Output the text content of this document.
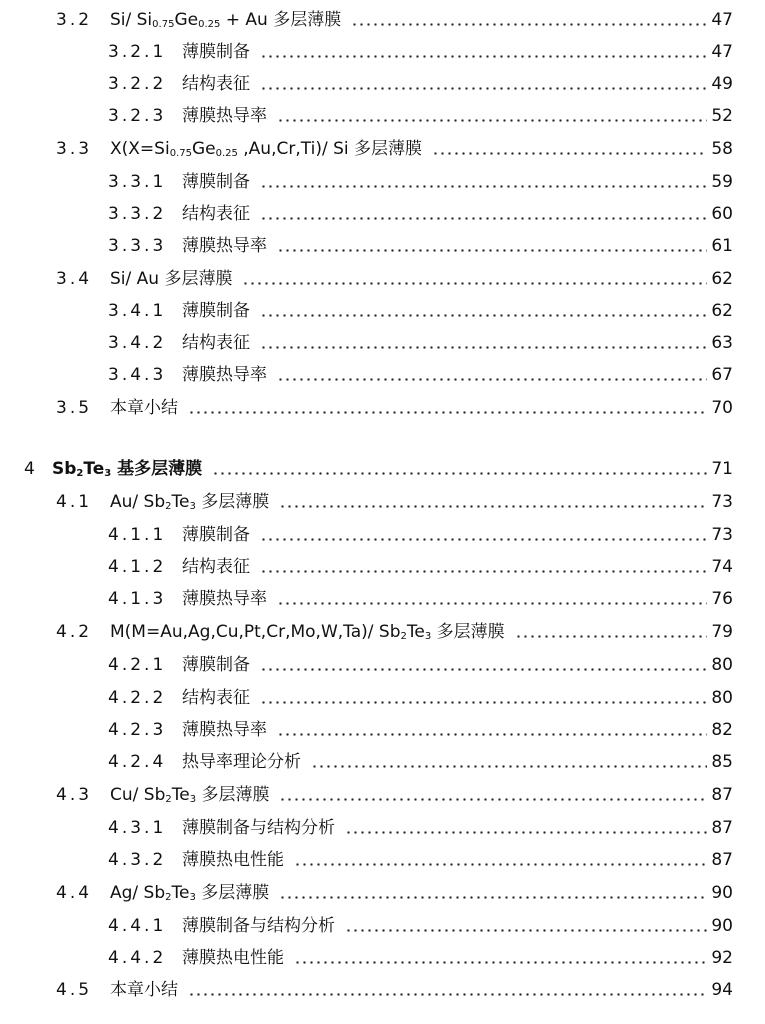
3.2 Si/ $Si_{0.75}Ge_{0.25} + Au$ 多层薄膜	47
3.2.1 薄膜制备	47
3.2.2 结构表征	49
3.2.3 薄膜热导率	52
3.3 $X(X=Si_{0.75}Ge_{0.25}$ ,Au,Cr,Ti)/ Si 多层薄膜	58
3.3.1 薄膜制备	59
3.3.2 结构表征	60
3.3.3 薄膜热导率	61
3.4 Si/ Au 多层薄膜	62
3.4.1 薄膜制备	62
3.4.2 结构表征	63
3.4.3 薄膜热导率	67
3.5 本章小结	70
4 $Sb_2Te_3$ 基多层薄膜	71
4.1 Au/ $Sb_2Te_3$ 多层薄膜	73
4.1.1 薄膜制备	73
4.1.2 结构表征	74
4.1.3 薄膜热导率	76
4.2 M(M=Au,Ag,Cu,Pt,Cr,Mo,W,Ta)/ $Sb_2Te_3$ 多层薄膜	79
4.2.1 薄膜制备	80
4.2.2 结构表征	80
4.2.3 薄膜热导率	82
4.2.4 热导率理论分析	85
4.3 Cu/ $Sb_2Te_3$ 多层薄膜	87
4.3.1 薄膜制备与结构分析	87
4.3.2 薄膜热电性能	87
4.4 Ag/ $Sb_2Te_3$ 多层薄膜	90
4.4.1 薄膜制备与结构分析	90
4.4.2 薄膜热电性能	92
4.5 本章小结	94
